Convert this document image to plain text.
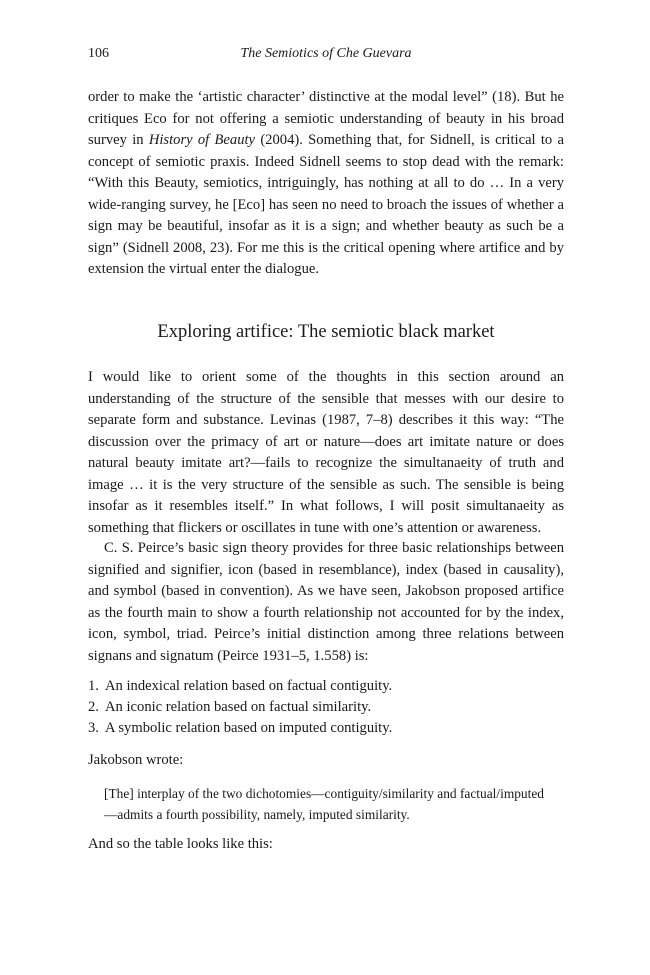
106	The Semiotics of Che Guevara

order to make the ‘artistic character’ distinctive at the modal level” (18). But he critiques Eco for not offering a semiotic understanding of beauty in his broad survey in History of Beauty (2004). Something that, for Sidnell, is critical to a concept of semiotic praxis. Indeed Sidnell seems to stop dead with the remark: “With this Beauty, semiotics, intriguingly, has nothing at all to do … In a very wide-ranging survey, he [Eco] has seen no need to broach the issues of whether a sign may be beautiful, insofar as it is a sign; and whether beauty as such be a sign” (Sidnell 2008, 23). For me this is the critical opening where artifice and by extension the virtual enter the dialogue.

Exploring artifice: The semiotic black market

I would like to orient some of the thoughts in this section around an understanding of the structure of the sensible that messes with our desire to separate form and substance. Levinas (1987, 7–8) describes it this way: “The discussion over the primacy of art or nature—does art imitate nature or does natural beauty imitate art?—fails to recognize the simultanaeity of truth and image … it is the very structure of the sensible as such. The sensible is being insofar as it resembles itself.” In what follows, I will posit simultanaeity as something that flickers or oscillates in tune with one’s attention or awareness.

C. S. Peirce’s basic sign theory provides for three basic relationships between signified and signifier, icon (based in resemblance), index (based in causality), and symbol (based in convention). As we have seen, Jakobson proposed artifice as the fourth main to show a fourth relationship not accounted for by the index, icon, symbol, triad. Peirce’s initial distinction among three relations between signans and signatum (Peirce 1931–5, 1.558) is:

1. An indexical relation based on factual contiguity.
2. An iconic relation based on factual similarity.
3. A symbolic relation based on imputed contiguity.

Jakobson wrote:

[The] interplay of the two dichotomies—contiguity/similarity and factual/imputed—admits a fourth possibility, namely, imputed similarity.

And so the table looks like this:
